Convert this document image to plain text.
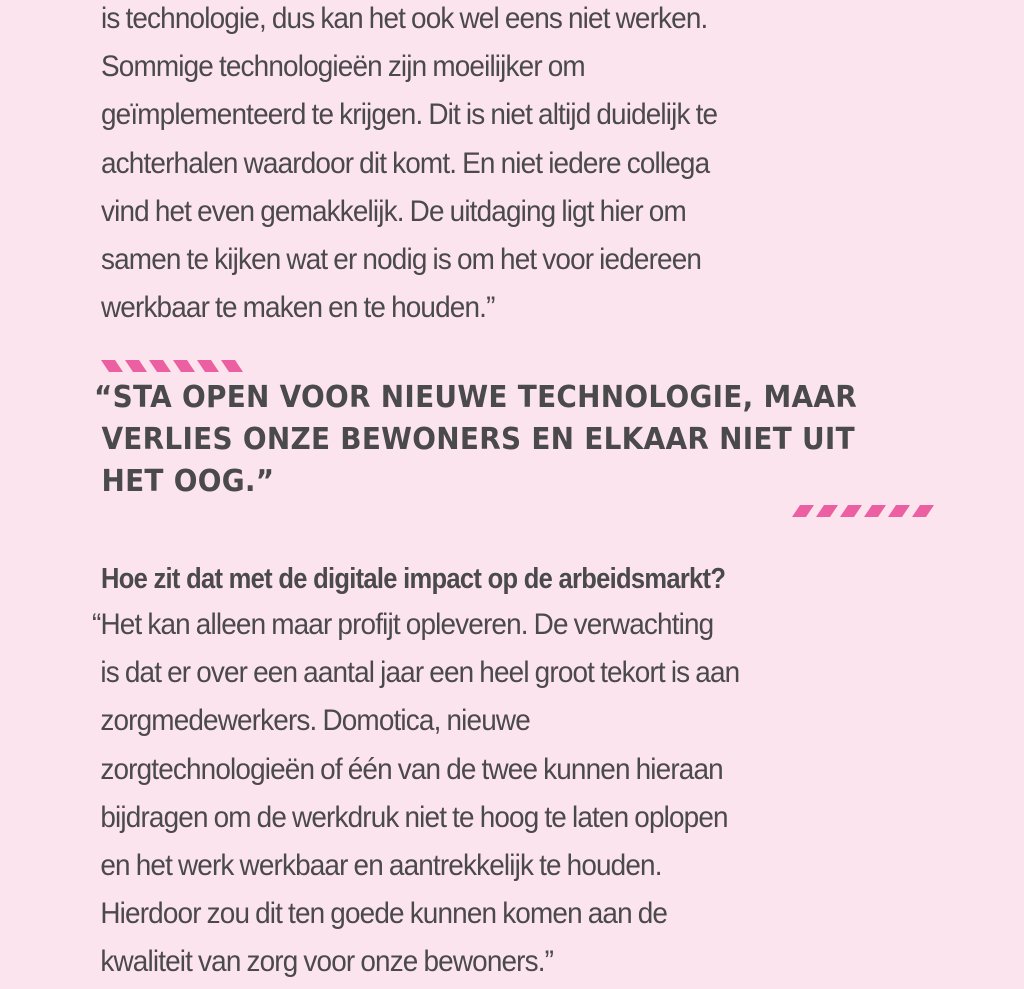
is technologie, dus kan het ook wel eens niet werken.
Sommige technologieën zijn moeilijker om
geïmplementeerd te krijgen. Dit is niet altijd duidelijk te
achterhalen waardoor dit komt. En niet iedere collega
vind het even gemakkelijk. De uitdaging ligt hier om
samen te kijken wat er nodig is om het voor iedereen
werkbaar te maken en te houden.”
“STA OPEN VOOR NIEUWE TECHNOLOGIE, MAAR
VERLIES ONZE BEWONERS EN ELKAAR NIET UIT
HET OOG.”
Hoe zit dat met de digitale impact op de arbeidsmarkt?
“Het kan alleen maar profijt opleveren. De verwachting
is dat er over een aantal jaar een heel groot tekort is aan
zorgmedewerkers. Domotica, nieuwe
zorgtechnologieën of één van de twee kunnen hieraan
bijdragen om de werkdruk niet te hoog te laten oplopen
en het werk werkbaar en aantrekkelijk te houden.
Hierdoor zou dit ten goede kunnen komen aan de
kwaliteit van zorg voor onze bewoners.”
